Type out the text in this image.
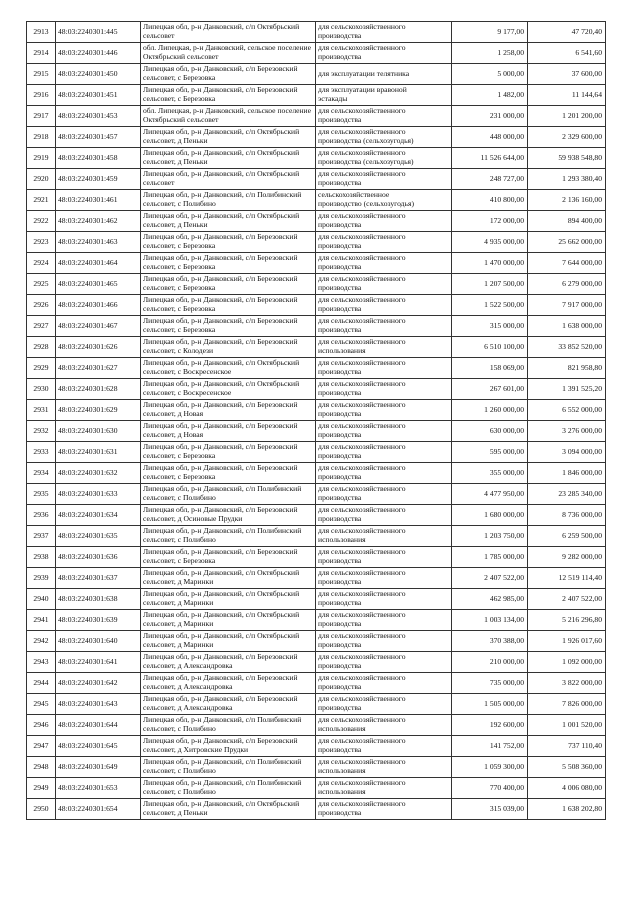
2913	48:03:2240301:445	Липецкая обл, р-н Данковский, с/п Октябрьский
сельсовет	для сельскохозяйственного
производства	9 177,00	47 720,40
2914	48:03:2240301:446	обл. Липецкая, р-н Данковский, сельское поселение
Октябрьский сельсовет	для сельскохозяйственного
производства	1 258,00	6 541,60
2915	48:03:2240301:450	Липецкая обл, р-н Данковский, с/п Березовский
сельсовет, с Березовка	для эксплуатации телятника	5 000,00	37 600,00
2916	48:03:2240301:451	Липецкая обл, р-н Данковский, с/п Березовский
сельсовет, с Березовка	для эксплуатации вравоной
эстакады	1 482,00	11 144,64
2917	48:03:2240301:453	обл. Липецкая, р-н Данковский, сельское поселение
Октябрьский сельсовет	для сельскохозяйственного
производства	231 000,00	1 201 200,00
2918	48:03:2240301:457	Липецкая обл, р-н Данковский, с/п Октябрьский
сельсовет, д Пеньки	для сельскохозяйственного
производства (сельхозугодья)	448 000,00	2 329 600,00
2919	48:03:2240301:458	Липецкая обл, р-н Данковский, с/п Октябрьский
сельсовет, д Пеньки	для сельскохозяйственного
производства (сельхозугодья)	11 526 644,00	59 938 548,80
2920	48:03:2240301:459	Липецкая обл, р-н Данковский, с/п Октябрьский
сельсовет	для сельскохозяйственного
производства	248 727,00	1 293 380,40
2921	48:03:2240301:461	Липецкая обл, р-н Данковский, с/п Полибинский
сельсовет, с Полибино	сельскохозяйственное
производство (сельхозугодья)	410 800,00	2 136 160,00
2922	48:03:2240301:462	Липецкая обл, р-н Данковский, с/п Октябрьский
сельсовет, д Пеньки	для сельскохозяйственного
производства	172 000,00	894 400,00
2923	48:03:2240301:463	Липецкая обл, р-н Данковский, с/п Березовский
сельсовет, с Березовка	для сельскохозяйственного
производства	4 935 000,00	25 662 000,00
2924	48:03:2240301:464	Липецкая обл, р-н Данковский, с/п Березовский
сельсовет, с Березовка	для сельскохозяйственного
производства	1 470 000,00	7 644 000,00
2925	48:03:2240301:465	Липецкая обл, р-н Данковский, с/п Березовский
сельсовет, с Березовка	для сельскохозяйственного
производства	1 207 500,00	6 279 000,00
2926	48:03:2240301:466	Липецкая обл, р-н Данковский, с/п Березовский
сельсовет, с Березовка	для сельскохозяйственного
производства	1 522 500,00	7 917 000,00
2927	48:03:2240301:467	Липецкая обл, р-н Данковский, с/п Березовский
сельсовет, с Березовка	для сельскохозяйственного
производства	315 000,00	1 638 000,00
2928	48:03:2240301:626	Липецкая обл, р-н Данковский, с/п Березовский
сельсовет, с Колодези	для сельскохозяйственного
использования	6 510 100,00	33 852 520,00
2929	48:03:2240301:627	Липецкая обл, р-н Данковский, с/п Октябрьский
сельсовет, с Воскресенское	для сельскохозяйственного
производства	158 069,00	821 958,80
2930	48:03:2240301:628	Липецкая обл, р-н Данковский, с/п Октябрьский
сельсовет, с Воскресенское	для сельскохозяйственного
производства	267 601,00	1 391 525,20
2931	48:03:2240301:629	Липецкая обл, р-н Данковский, с/п Березовский
сельсовет, д Новая	для сельскохозяйственного
производства	1 260 000,00	6 552 000,00
2932	48:03:2240301:630	Липецкая обл, р-н Данковский, с/п Березовский
сельсовет, д Новая	для сельскохозяйственного
производства	630 000,00	3 276 000,00
2933	48:03:2240301:631	Липецкая обл, р-н Данковский, с/п Березовский
сельсовет, с Березовка	для сельскохозяйственного
производства	595 000,00	3 094 000,00
2934	48:03:2240301:632	Липецкая обл, р-н Данковский, с/п Березовский
сельсовет, с Березовка	для сельскохозяйственного
производства	355 000,00	1 846 000,00
2935	48:03:2240301:633	Липецкая обл, р-н Данковский, с/п Полибинский
сельсовет, с Полибино	для сельскохозяйственного
производства	4 477 950,00	23 285 340,00
2936	48:03:2240301:634	Липецкая обл, р-н Данковский, с/п Березовский
сельсовет, д Осиновые Прудки	для сельскохозяйственного
производства	1 680 000,00	8 736 000,00
2937	48:03:2240301:635	Липецкая обл, р-н Данковский, с/п Полибинский
сельсовет, с Полибино	для сельскохозяйственного
использования	1 203 750,00	6 259 500,00
2938	48:03:2240301:636	Липецкая обл, р-н Данковский, с/п Березовский
сельсовет, с Березовка	для сельскохозяйственного
производства	1 785 000,00	9 282 000,00
2939	48:03:2240301:637	Липецкая обл, р-н Данковский, с/п Октябрьский
сельсовет, д Маринки	для сельскохозяйственного
производства	2 407 522,00	12 519 114,40
2940	48:03:2240301:638	Липецкая обл, р-н Данковский, с/п Октябрьский
сельсовет, д Маринки	для сельскохозяйственного
производства	462 985,00	2 407 522,00
2941	48:03:2240301:639	Липецкая обл, р-н Данковский, с/п Октябрьский
сельсовет, д Маринки	для сельскохозяйственного
производства	1 003 134,00	5 216 296,80
2942	48:03:2240301:640	Липецкая обл, р-н Данковский, с/п Октябрьский
сельсовет, д Маринки	для сельскохозяйственного
производства	370 388,00	1 926 017,60
2943	48:03:2240301:641	Липецкая обл, р-н Данковский, с/п Березовский
сельсовет, д Александровка	для сельскохозяйственного
производства	210 000,00	1 092 000,00
2944	48:03:2240301:642	Липецкая обл, р-н Данковский, с/п Березовский
сельсовет, д Александровка	для сельскохозяйственного
производства	735 000,00	3 822 000,00
2945	48:03:2240301:643	Липецкая обл, р-н Данковский, с/п Березовский
сельсовет, д Александровка	для сельскохозяйственного
производства	1 505 000,00	7 826 000,00
2946	48:03:2240301:644	Липецкая обл, р-н Данковский, с/п Полибинский
сельсовет, с Полибино	для сельскохозяйственного
использования	192 600,00	1 001 520,00
2947	48:03:2240301:645	Липецкая обл, р-н Данковский, с/п Березовский
сельсовет, д Хитровские Прудки	для сельскохозяйственного
производства	141 752,00	737 110,40
2948	48:03:2240301:649	Липецкая обл, р-н Данковский, с/п Полибинский
сельсовет, с Полибино	для сельскохозяйственного
использования	1 059 300,00	5 508 360,00
2949	48:03:2240301:653	Липецкая обл, р-н Данковский, с/п Полибинский
сельсовет, с Полибино	для сельскохозяйственного
использования	770 400,00	4 006 080,00
2950	48:03:2240301:654	Липецкая обл, р-н Данковский, с/п Октябрьский
сельсовет, д Пеньки	для сельскохозяйственного
производства	315 039,00	1 638 202,80
